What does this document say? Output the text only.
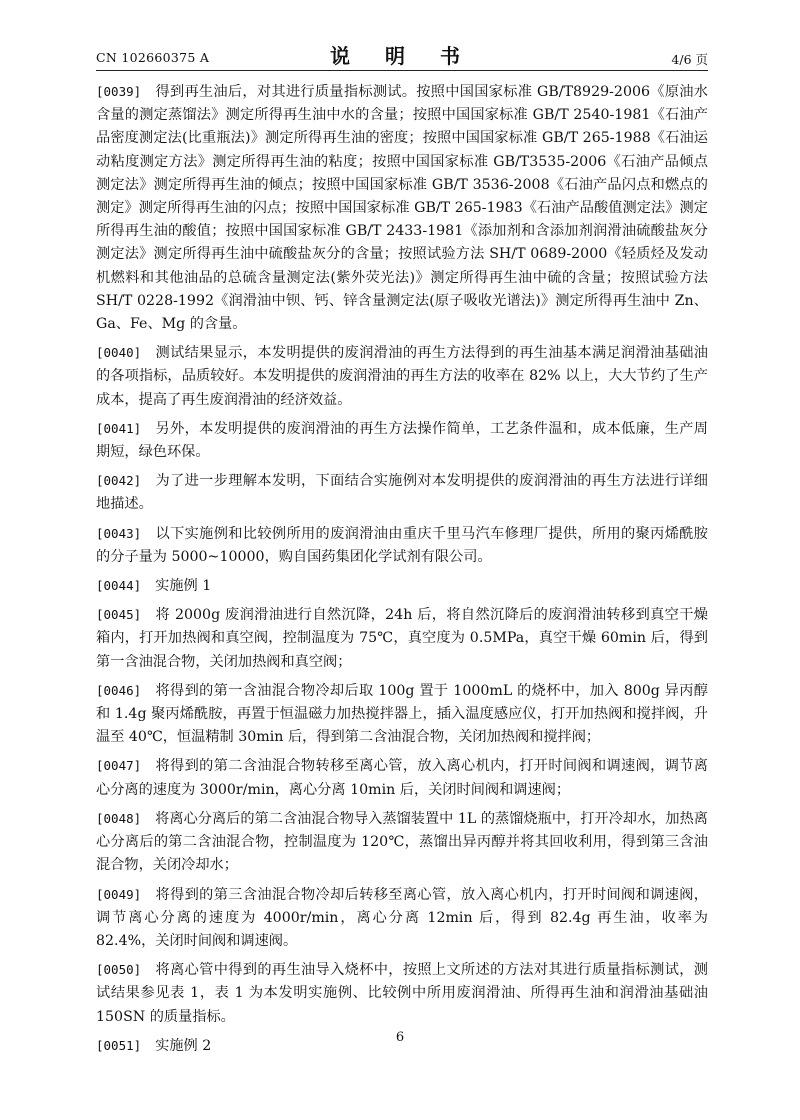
CN 102660375 A	说 明 书	4/6 页

[0039] 得到再生油后，对其进行质量指标测试。按照中国国家标准 GB/T8929-2006《原油水含量的测定蒸馏法》测定所得再生油中水的含量；按照中国国家标准 GB/T 2540-1981《石油产品密度测定法(比重瓶法)》测定所得再生油的密度；按照中国国家标准 GB/T 265-1988《石油运动粘度测定方法》测定所得再生油的粘度；按照中国国家标准 GB/T3535-2006《石油产品倾点测定法》测定所得再生油的倾点；按照中国国家标准 GB/T 3536-2008《石油产品闪点和燃点的测定》测定所得再生油的闪点；按照中国国家标准 GB/T 265-1983《石油产品酸值测定法》测定所得再生油的酸值；按照中国国家标准 GB/T 2433-1981《添加剂和含添加剂润滑油硫酸盐灰分测定法》测定所得再生油中硫酸盐灰分的含量；按照试验方法 SH/T 0689-2000《轻质烃及发动机燃料和其他油品的总硫含量测定法(紫外荧光法)》测定所得再生油中硫的含量；按照试验方法 SH/T 0228-1992《润滑油中钡、钙、锌含量测定法(原子吸收光谱法)》测定所得再生油中 Zn、Ga、Fe、Mg 的含量。

[0040] 测试结果显示，本发明提供的废润滑油的再生方法得到的再生油基本满足润滑油基础油的各项指标，品质较好。本发明提供的废润滑油的再生方法的收率在 82% 以上，大大节约了生产成本，提高了再生废润滑油的经济效益。

[0041] 另外，本发明提供的废润滑油的再生方法操作简单，工艺条件温和，成本低廉，生产周期短，绿色环保。

[0042] 为了进一步理解本发明，下面结合实施例对本发明提供的废润滑油的再生方法进行详细地描述。

[0043] 以下实施例和比较例所用的废润滑油由重庆千里马汽车修理厂提供，所用的聚丙烯酰胺的分子量为 5000~10000，购自国药集团化学试剂有限公司。

[0044] 实施例 1

[0045] 将 2000g 废润滑油进行自然沉降，24h 后，将自然沉降后的废润滑油转移到真空干燥箱内，打开加热阀和真空阀，控制温度为 75℃，真空度为 0.5MPa，真空干燥 60min 后，得到第一含油混合物，关闭加热阀和真空阀；

[0046] 将得到的第一含油混合物冷却后取 100g 置于 1000mL 的烧杯中，加入 800g 异丙醇和 1.4g 聚丙烯酰胺，再置于恒温磁力加热搅拌器上，插入温度感应仪，打开加热阀和搅拌阀，升温至 40℃，恒温精制 30min 后，得到第二含油混合物，关闭加热阀和搅拌阀；

[0047] 将得到的第二含油混合物转移至离心管，放入离心机内，打开时间阀和调速阀，调节离心分离的速度为 3000r/min，离心分离 10min 后，关闭时间阀和调速阀；

[0048] 将离心分离后的第二含油混合物导入蒸馏装置中 1L 的蒸馏烧瓶中，打开冷却水，加热离心分离后的第二含油混合物，控制温度为 120℃，蒸馏出异丙醇并将其回收利用，得到第三含油混合物，关闭冷却水；

[0049] 将得到的第三含油混合物冷却后转移至离心管，放入离心机内，打开时间阀和调速阀，调节离心分离的速度为 4000r/min，离心分离 12min 后，得到 82.4g 再生油，收率为 82.4%，关闭时间阀和调速阀。

[0050] 将离心管中得到的再生油导入烧杯中，按照上文所述的方法对其进行质量指标测试，测试结果参见表 1，表 1 为本发明实施例、比较例中所用废润滑油、所得再生油和润滑油基础油 150SN 的质量指标。

[0051] 实施例 2

6
